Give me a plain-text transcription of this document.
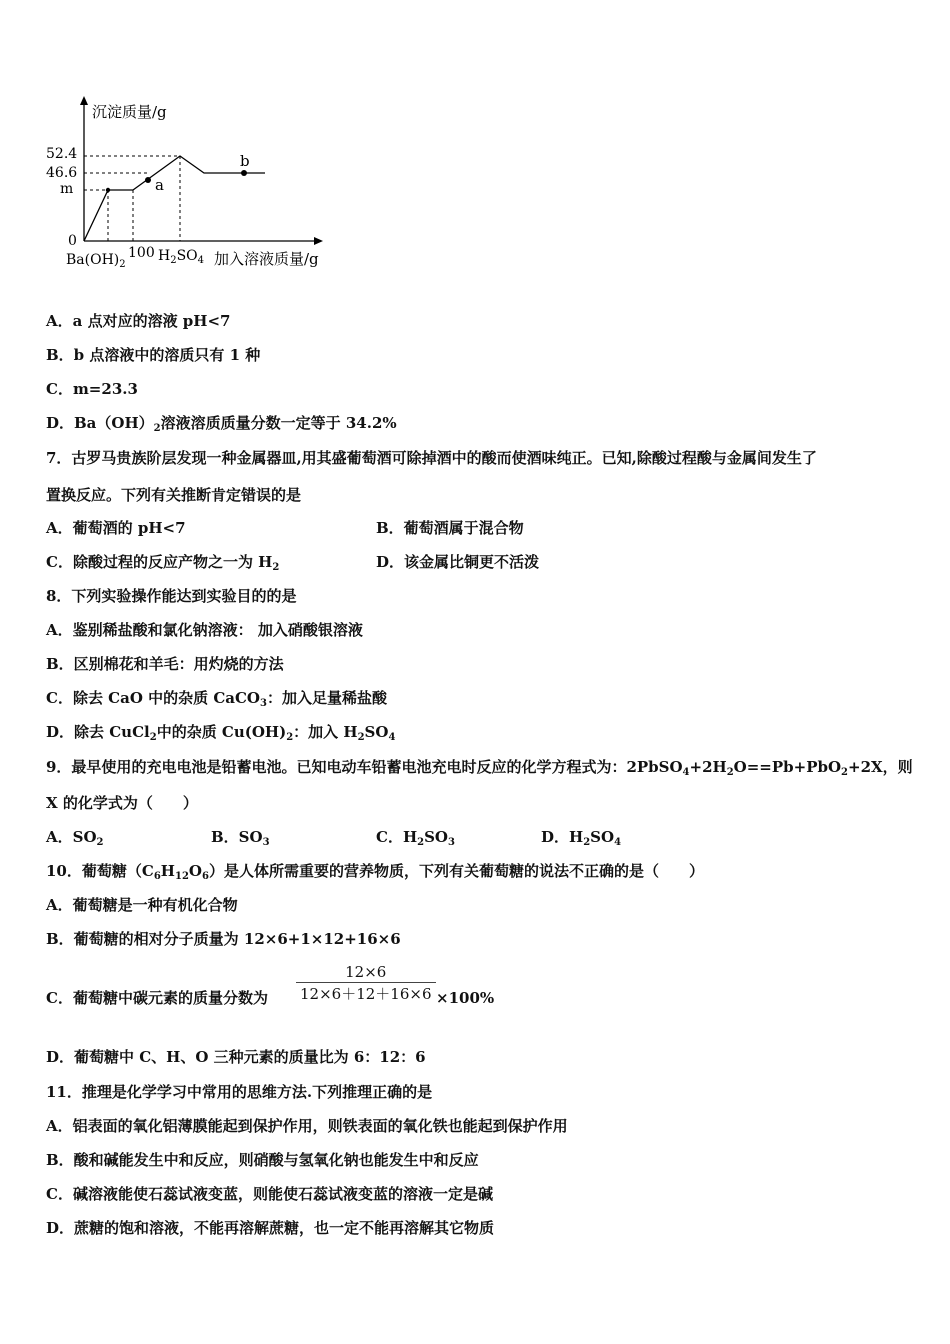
沉淀质量/g
52.4
46.6
m
0
a
b
$Ba(OH)_2$
100 $H_2SO_4$ 加入溶液质量/g
A．a 点对应的溶液 pH<7
B．b 点溶液中的溶质只有 1 种
C．m=23.3
D．$Ba(OH)_2$溶液溶质质量分数一定等于 34.2%
7．古罗马贵族阶层发现一种金属器皿,用其盛葡萄酒可除掉酒中的酸而使酒味纯正。已知,除酸过程酸与金属间发生了
置换反应。下列有关推断肯定错误的是
A．葡萄酒的 pH<7	B．葡萄酒属于混合物
C．除酸过程的反应产物之一为 $H_2$	D．该金属比铜更不活泼
8．下列实验操作能达到实验目的的是
A．鉴别稀盐酸和氯化钠溶液： 加入硝酸银溶液
B．区别棉花和羊毛：用灼烧的方法
C．除去 CaO 中的杂质 CaCO$_3$：加入足量稀盐酸
D．除去 CuCl$_2$中的杂质 $Cu(OH)_2$：加入 $H_2SO_4$
9．最早使用的充电电池是铅蓄电池。已知电动车铅蓄电池充电时反应的化学方程式为：$2PbSO_4+2H_2O==Pb+PbO_2+2X$，则
X 的化学式为（　　）
A．$SO_2$	B．$SO_3$	C．$H_2SO_3$	D．$H_2SO_4$
10．葡萄糖$(C_6H_{12}O_6)$是人体所需重要的营养物质，下列有关葡萄糖的说法不正确的是（　　）
A．葡萄糖是一种有机化合物
B．葡萄糖的相对分子质量为 12×6+1×12+16×6
C．葡萄糖中碳元素的质量分数为
12×6
12×6＋12＋16×6 ×100%
D．葡萄糖中 C、H、O 三种元素的质量比为 6：12：6
11．推理是化学学习中常用的思维方法.下列推理正确的是
A．铝表面的氧化铝薄膜能起到保护作用，则铁表面的氧化铁也能起到保护作用
B．酸和碱能发生中和反应，则硝酸与氢氧化钠也能发生中和反应
C．碱溶液能使石蕊试液变蓝，则能使石蕊试液变蓝的溶液一定是碱
D．蔗糖的饱和溶液，不能再溶解蔗糖，也一定不能再溶解其它物质
